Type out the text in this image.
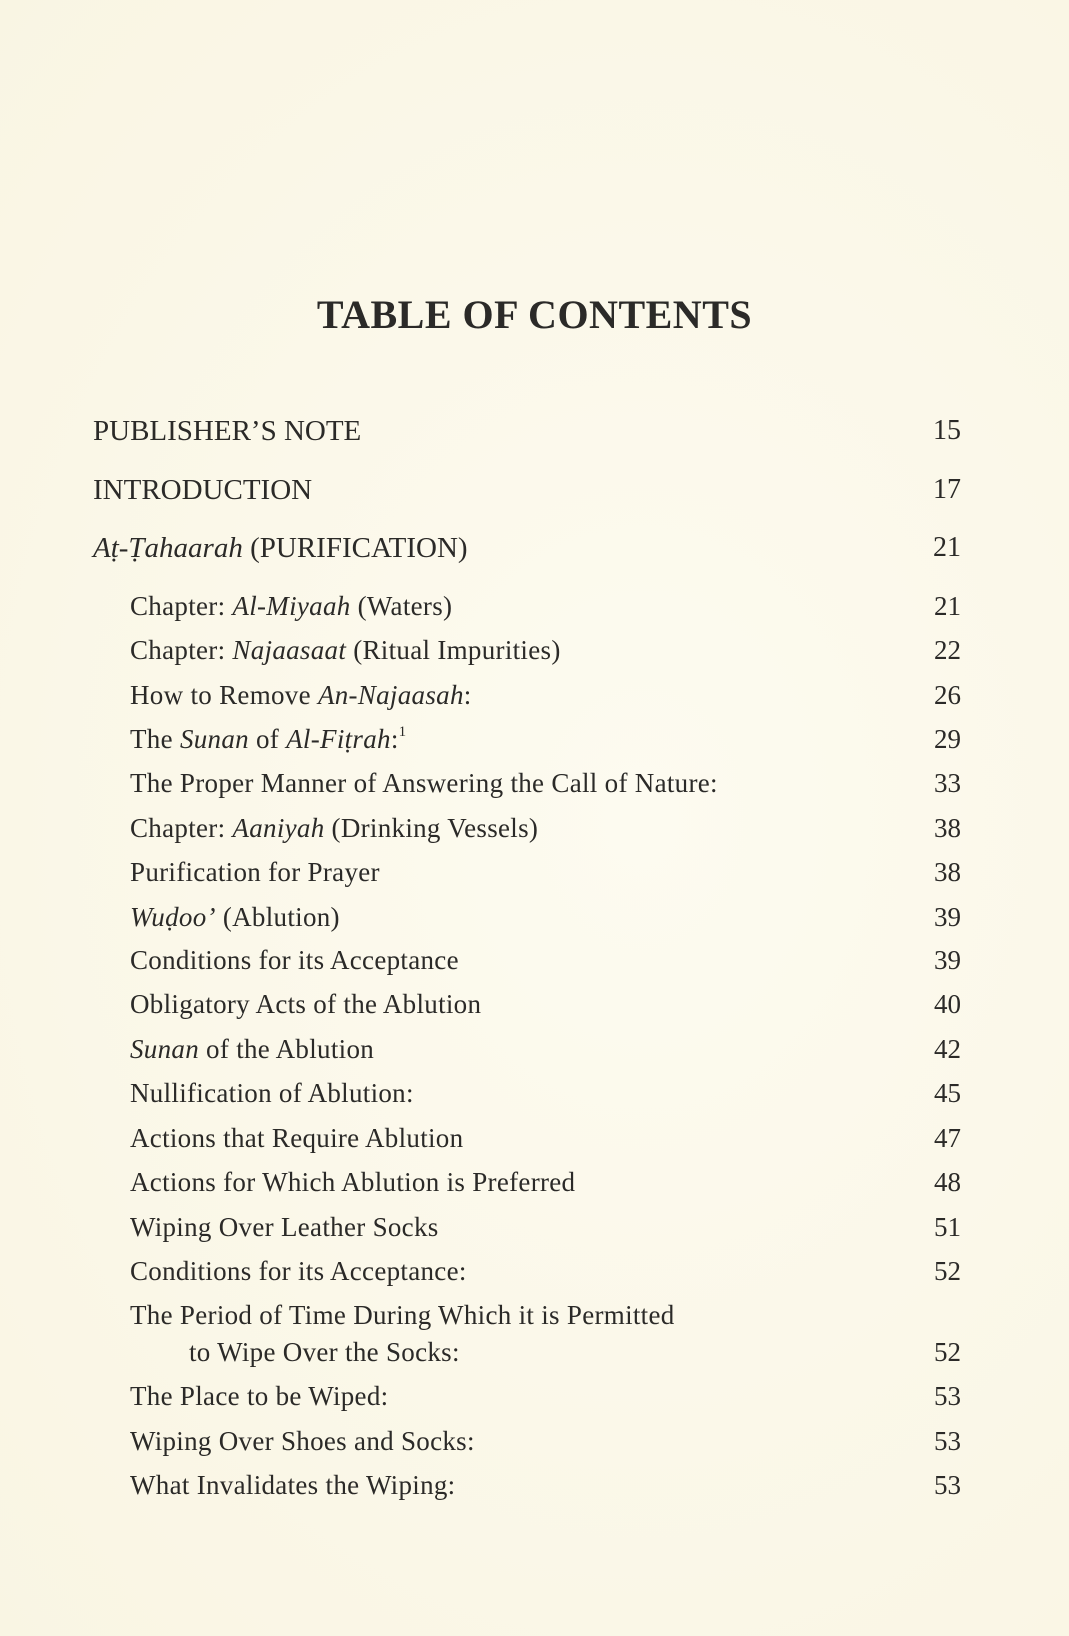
TABLE OF CONTENTS
PUBLISHER’S NOTE	15
INTRODUCTION	17
Aṭ-Ṭahaarah (PURIFICATION)	21
Chapter: Al-Miyaah (Waters)	21
Chapter: Najaasaat (Ritual Impurities)	22
How to Remove An-Najaasah:	26
The Sunan of Al-Fiṭrah:$^1$	29
The Proper Manner of Answering the Call of Nature:	33
Chapter: Aaniyah (Drinking Vessels)	38
Purification for Prayer	38
Wuḍoo’ (Ablution)	39
Conditions for its Acceptance	39
Obligatory Acts of the Ablution	40
Sunan of the Ablution	42
Nullification of Ablution:	45
Actions that Require Ablution	47
Actions for Which Ablution is Preferred	48
Wiping Over Leather Socks	51
Conditions for its Acceptance:	52
The Period of Time During Which it is Permitted
to Wipe Over the Socks:	52
The Place to be Wiped:	53
Wiping Over Shoes and Socks:	53
What Invalidates the Wiping:	53
